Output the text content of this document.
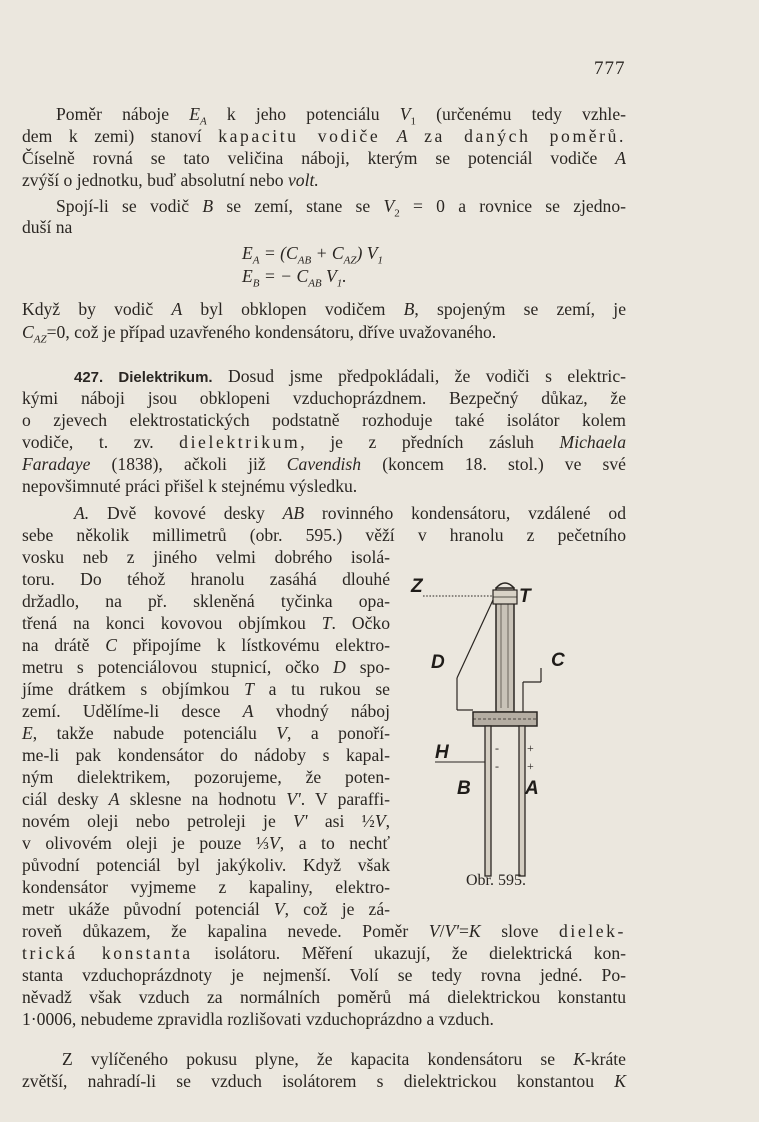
777
Poměr náboje $E_A$ k jeho potenciálu $V_1$ (určenému tedy vzhle-
dem k zemi) stanoví kapacitu vodiče A za daných poměrů.
Číselně rovná se tato veličina náboji, kterým se potenciál vodiče A
zvýší o jednotku, buď absolutní nebo volt.
Spojí-li se vodič B se zemí, stane se $V_2 = 0$ a rovnice se zjedno-
duší na
$E_A = (C_{AB} + C_{AZ})$ $V_1$
$E_B$ = − $C_{AB}$ $V_1$.
Když by vodič A byl obklopen vodičem B, spojeným se zemí, je
$C_{AZ}=0$, což je případ uzavřeného kondensátoru, dříve uvažovaného.
427. Dielektrikum. Dosud jsme předpokládali, že vodiči s elektric-
kými náboji jsou obklopeni vzduchoprázdnem. Bezpečný důkaz, že
o zjevech elektrostatických podstatně rozhoduje také isolátor kolem
vodiče, t. zv. dielektrikum, je z předních zásluh Michaela
Faradaye (1838), ačkoli již Cavendish (koncem 18. stol.) ve své
nepovšimnuté práci přišel k stejnému výsledku.
A. Dvě kovové desky AB rovinného kondensátoru, vzdálené od
sebe několik millimetrů (obr. 595.) věží v hranolu z pečetního
vosku neb z jiného velmi dobrého isolá-
toru. Do téhož hranolu zasáhá dlouhé
držadlo, na př. skleněná tyčinka opa-
třená na konci kovovou objímkou T. Očko
na drátě C připojíme k lístkovému elektro-
metru s potenciálovou stupnicí, očko D spo-
jíme drátkem s objímkou T a tu rukou se
zemí. Udělíme-li desce A vhodný náboj
E, takže nabude potenciálu V, a ponoří-
me-li pak kondensátor do nádoby s kapal-
ným dielektrikem, pozorujeme, že poten-
ciál desky A sklesne na hodnotu V'. V paraffi-
novém oleji nebo petroleji je V' asi ½V,
v olivovém oleji je pouze ⅓V, a to nechť
původní potenciál byl jakýkoliv. Když však
kondensátor vyjmeme z kapaliny, elektro-
metr ukáže původní potenciál V, což je zá-
roveň důkazem, že kapalina nevede. Poměr V/V'=K slove dielek-
trická konstanta isolátoru. Měření ukazují, že dielektrická kon-
stanta vzduchoprázdnoty je nejmenší. Volí se tedy rovna jedné. Po-
něvadž však vzduch za normálních poměrů má dielektrickou konstantu
1·0006, nebudeme zpravidla rozlišovati vzduchoprázdno a vzduch.
Z vylíčeného pokusu plyne, že kapacita kondensátoru se K-kráte
zvětší, nahradí-li se vzduch isolátorem s dielektrickou konstantou K
-
-
+
+
Z	T
D	C
H
B	A
Obr. 595.
